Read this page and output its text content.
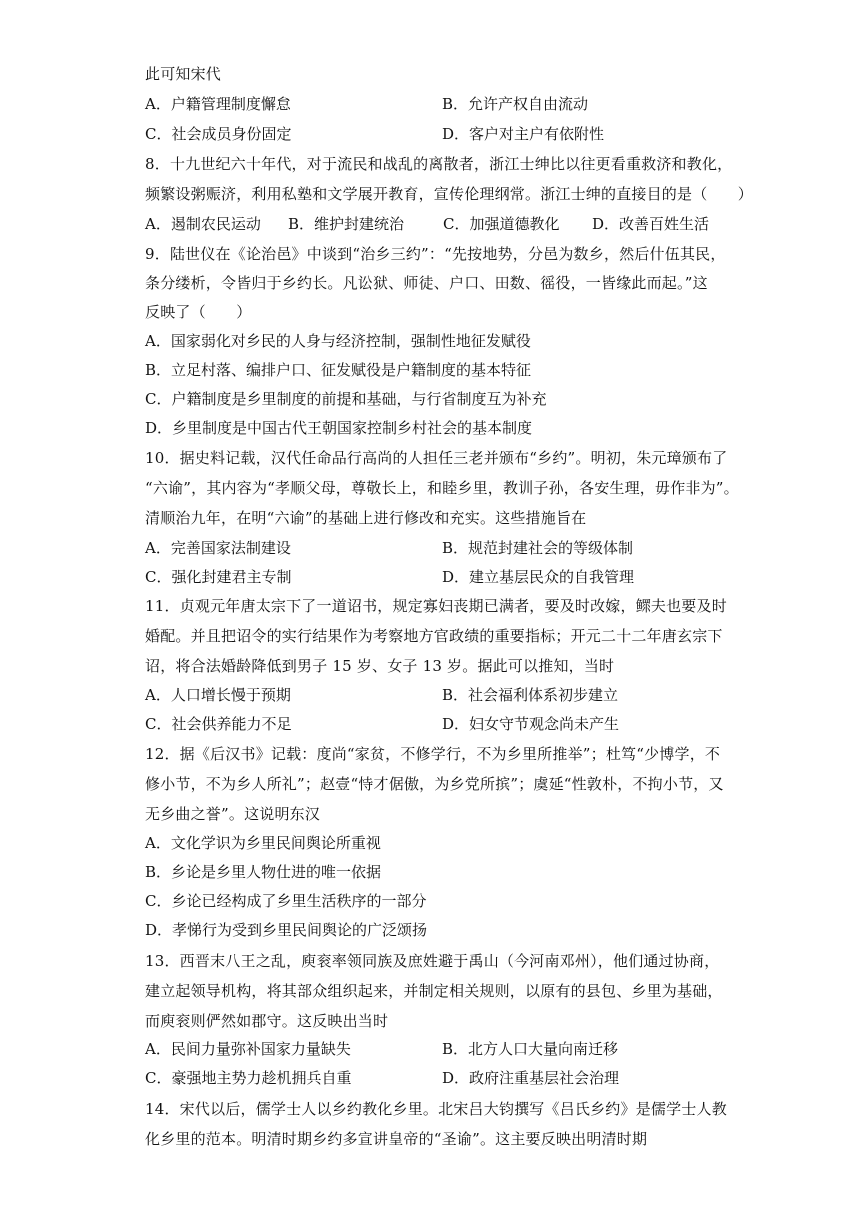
此可知宋代
A．户籍管理制度懈怠	B．允许产权自由流动
C．社会成员身份固定	D．客户对主户有依附性
8．十九世纪六十年代，对于流民和战乱的离散者，浙江士绅比以往更看重救济和教化，
频繁设粥赈济，利用私塾和文学展开教育，宣传伦理纲常。浙江士绅的直接目的是（　　）
A．遏制农民运动 B．维护封建统治	C．加强道德教化 D．改善百姓生活
9．陆世仪在《论治邑》中谈到“治乡三约”：“先按地势，分邑为数乡，然后什伍其民，
条分缕析，令皆归于乡约长。凡讼狱、师徒、户口、田数、徭役，一皆缘此而起。”这
反映了（　　）
A．国家弱化对乡民的人身与经济控制，强制性地征发赋役
B．立足村落、编排户口、征发赋役是户籍制度的基本特征
C．户籍制度是乡里制度的前提和基础，与行省制度互为补充
D．乡里制度是中国古代王朝国家控制乡村社会的基本制度
10．据史料记载，汉代任命品行高尚的人担任三老并颁布“乡约”。明初，朱元璋颁布了
“六谕”，其内容为“孝顺父母，尊敬长上，和睦乡里，教训子孙，各安生理，毋作非为”。
清顺治九年，在明“六谕”的基础上进行修改和充实。这些措施旨在
A．完善国家法制建设	B．规范封建社会的等级体制
C．强化封建君主专制	D．建立基层民众的自我管理
11．贞观元年唐太宗下了一道诏书，规定寡妇丧期已满者，要及时改嫁，鳏夫也要及时
婚配。并且把诏令的实行结果作为考察地方官政绩的重要指标；开元二十二年唐玄宗下
诏，将合法婚龄降低到男子 15 岁、女子 13 岁。据此可以推知，当时
A．人口增长慢于预期	B．社会福利体系初步建立
C．社会供养能力不足	D．妇女守节观念尚未产生
12．据《后汉书》记载：度尚“家贫，不修学行，不为乡里所推举”；杜笃“少博学，不
修小节，不为乡人所礼”；赵壹“恃才倨傲，为乡党所摈”；虞延“性敦朴，不拘小节，又
无乡曲之誉”。这说明东汉
A．文化学识为乡里民间舆论所重视
B．乡论是乡里人物仕进的唯一依据
C．乡论已经构成了乡里生活秩序的一部分
D．孝悌行为受到乡里民间舆论的广泛颂扬
13．西晋末八王之乱，庾衮率领同族及庶姓避于禹山（今河南邓州），他们通过协商，
建立起领导机构，将其部众组织起来，并制定相关规则，以原有的县包、乡里为基础，
而庾衮则俨然如郡守。这反映出当时
A．民间力量弥补国家力量缺失	B．北方人口大量向南迁移
C．豪强地主势力趁机拥兵自重	D．政府注重基层社会治理
14．宋代以后，儒学士人以乡约教化乡里。北宋吕大钧撰写《吕氏乡约》是儒学士人教
化乡里的范本。明清时期乡约多宣讲皇帝的“圣谕”。这主要反映出明清时期
